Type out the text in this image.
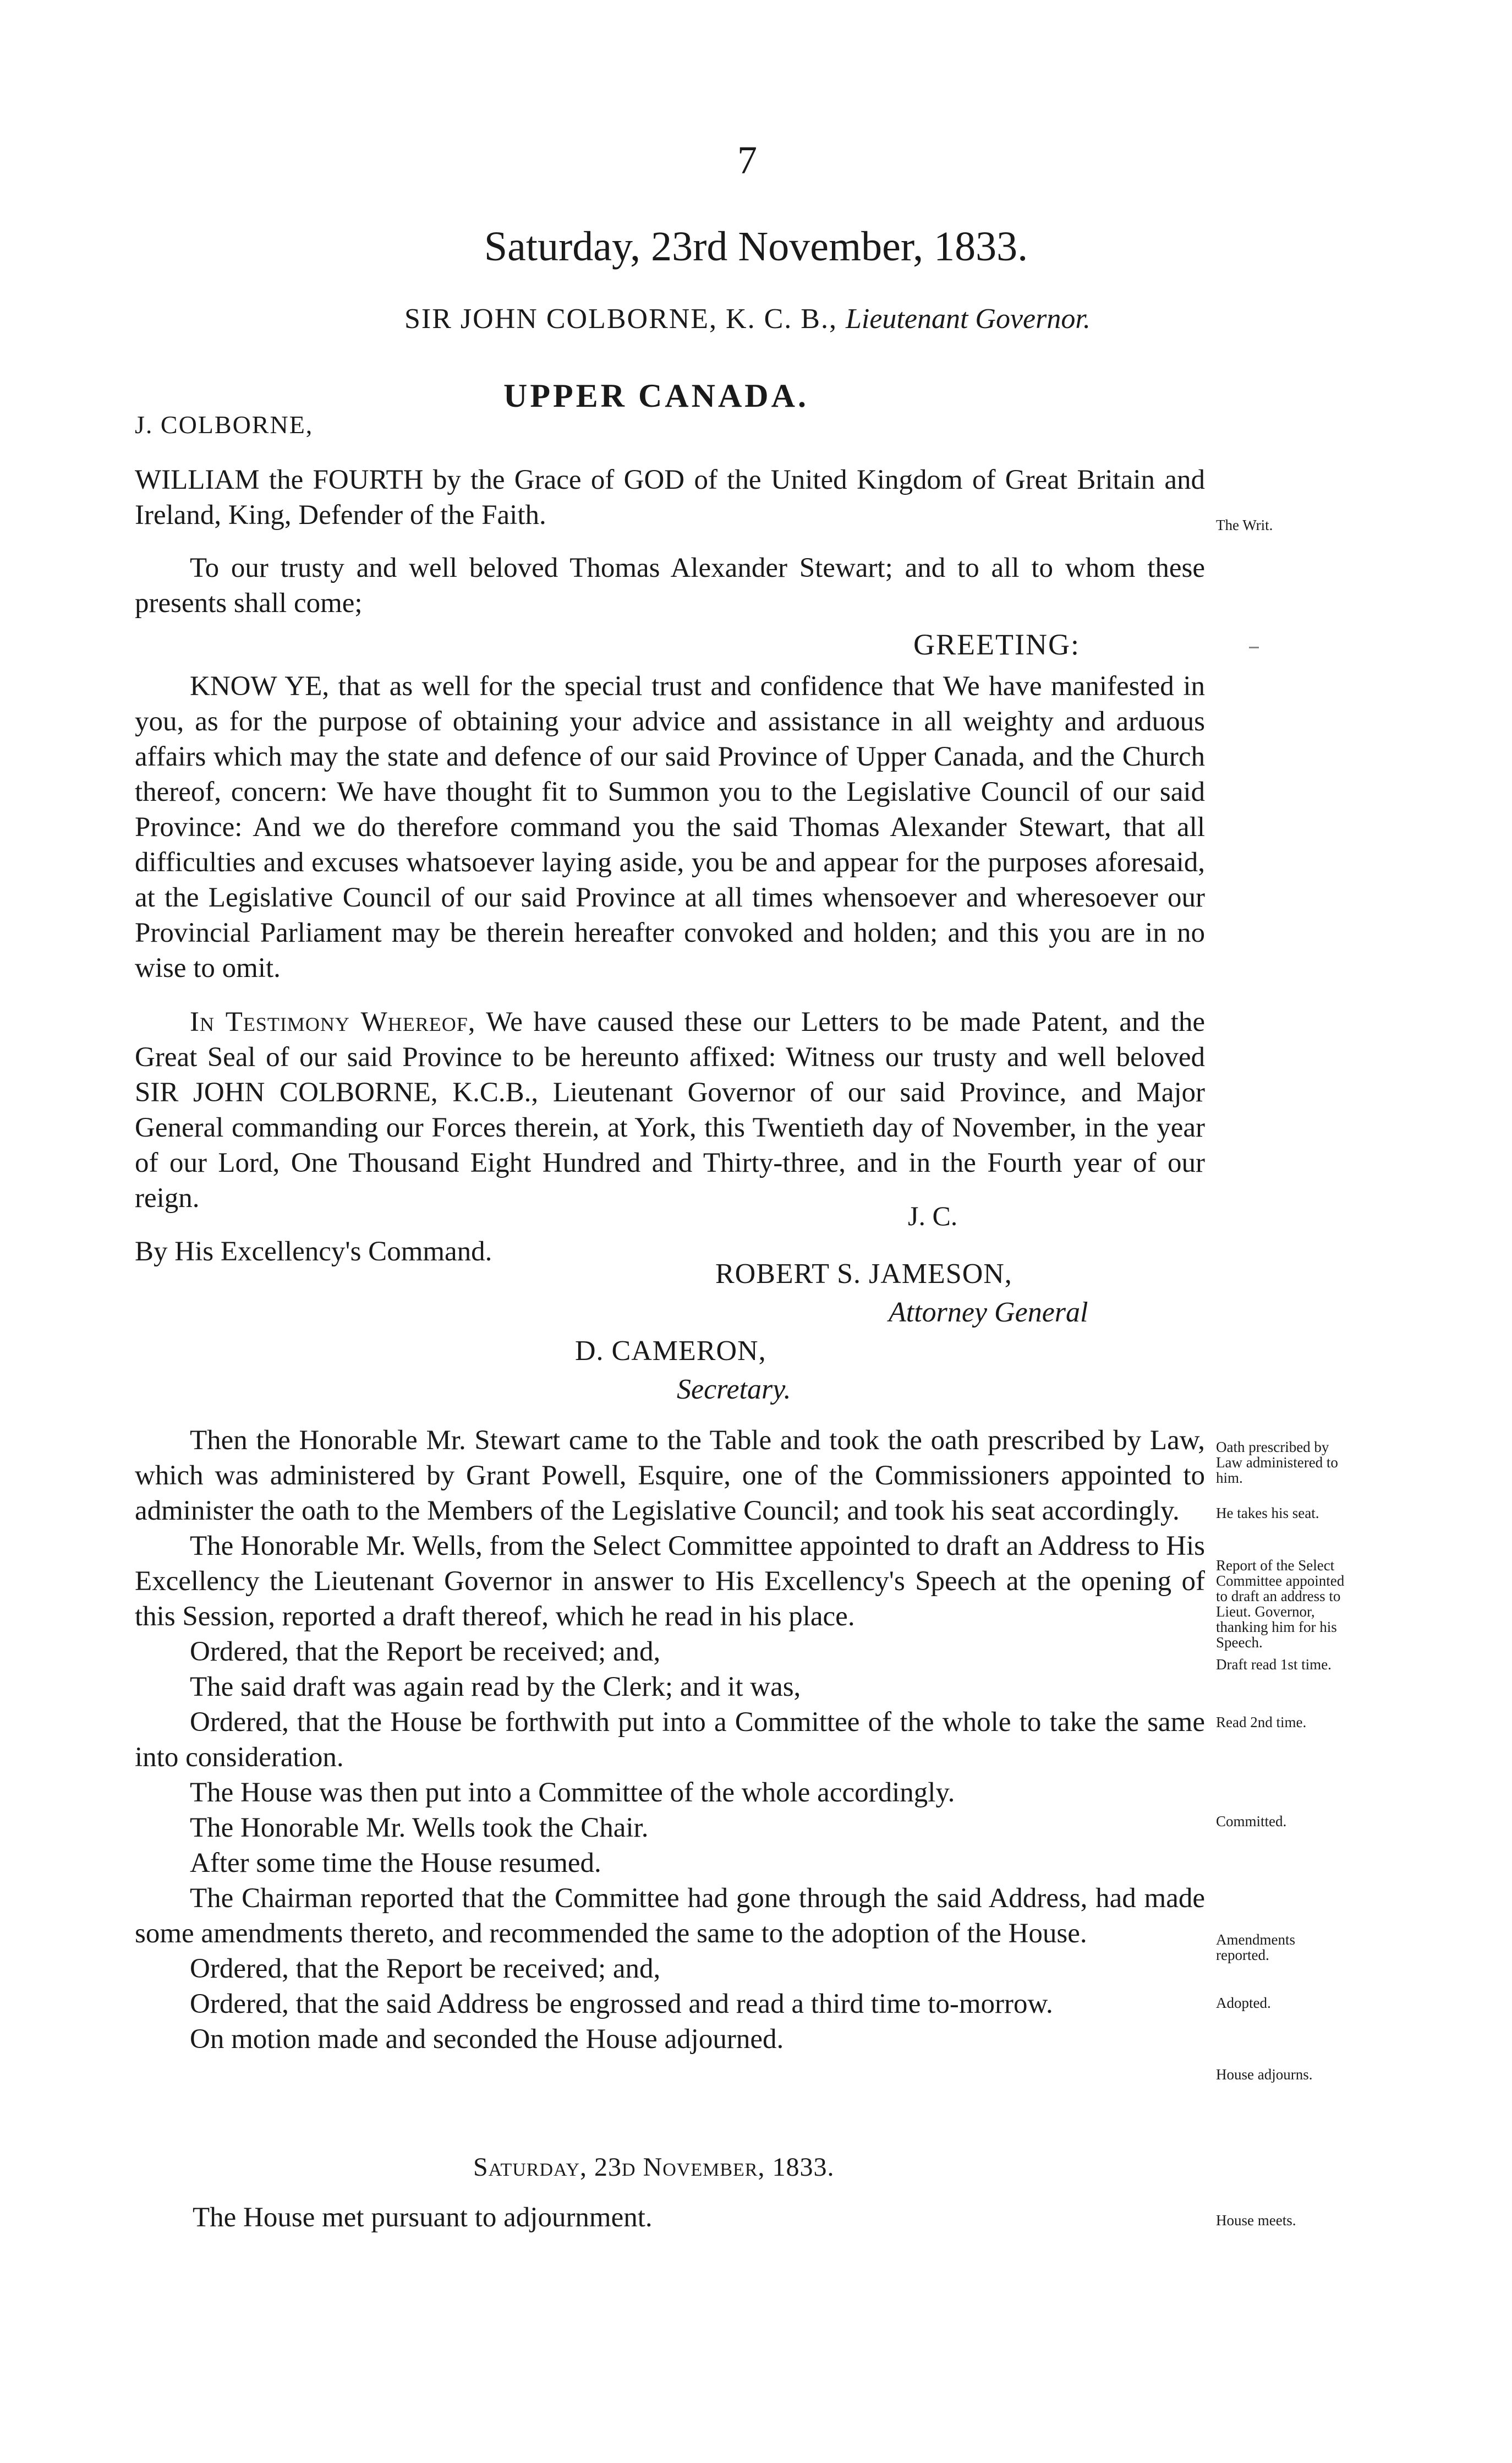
7
Saturday, 23rd November, 1833.
SIR JOHN COLBORNE, K. C. B., Lieutenant Governor.
UPPER CANADA.
J. COLBORNE,

WILLIAM the FOURTH by the Grace of GOD of the United Kingdom of Great Britain and Ireland, King, Defender of the Faith.

To our trusty and well beloved Thomas Alexander Stewart; and to all to whom these presents shall come;

GREETING:

KNOW YE, that as well for the special trust and confidence that We have manifested in you, as for the purpose of obtaining your advice and assistance in all weighty and arduous affairs which may the state and defence of our said Province of Upper Canada, and the Church thereof, concern: We have thought fit to Summon you to the Legislative Council of our said Province: And we do therefore command you the said Thomas Alexander Stewart, that all difficulties and excuses whatsoever laying aside, you be and appear for the purposes aforesaid, at the Legislative Council of our said Province at all times whensoever and wheresoever our Provincial Parliament may be therein hereafter convoked and holden; and this you are in no wise to omit.

In Testimony Whereof, We have caused these our Letters to be made Patent, and the Great Seal of our said Province to be hereunto affixed: Witness our trusty and well beloved SIR JOHN COLBORNE, K.C.B., Lieutenant Governor of our said Province, and Major General commanding our Forces therein, at York, this Twentieth day of November, in the year of our Lord, One Thousand Eight Hundred and Thirty-three, and in the Fourth year of our reign.

J. C.
By His Excellency's Command.
ROBERT S. JAMESON,
Attorney General
D. CAMERON,
Secretary.

Then the Honorable Mr. Stewart came to the Table and took the oath prescribed by Law, which was administered by Grant Powell, Esquire, one of the Commissioners appointed to administer the oath to the Members of the Legislative Council; and took his seat accordingly.

The Honorable Mr. Wells, from the Select Committee appointed to draft an Address to His Excellency the Lieutenant Governor in answer to His Excellency's Speech at the opening of this Session, reported a draft thereof, which he read in his place.

Ordered, that the Report be received; and,

The said draft was again read by the Clerk; and it was,

Ordered, that the House be forthwith put into a Committee of the whole to take the same into consideration.

The House was then put into a Committee of the whole accordingly.

The Honorable Mr. Wells took the Chair.

After some time the House resumed.

The Chairman reported that the Committee had gone through the said Address, had made some amendments thereto, and recommended the same to the adoption of the House.

Ordered, that the Report be received; and,

Ordered, that the said Address be engrossed and read a third time to-morrow.

On motion made and seconded the House adjourned.

Saturday, 23d November, 1833.
The House met pursuant to adjournment.
The Writ.
Oath prescribed by Law administered to him.
He takes his seat.
Report of the Select Committee appointed to draft an address to Lieut. Governor, thanking him for his Speech.
Draft read 1st time.
Read 2nd time.
Committed.
Amendments reported.
Adopted.
House adjourns.
House meets.
